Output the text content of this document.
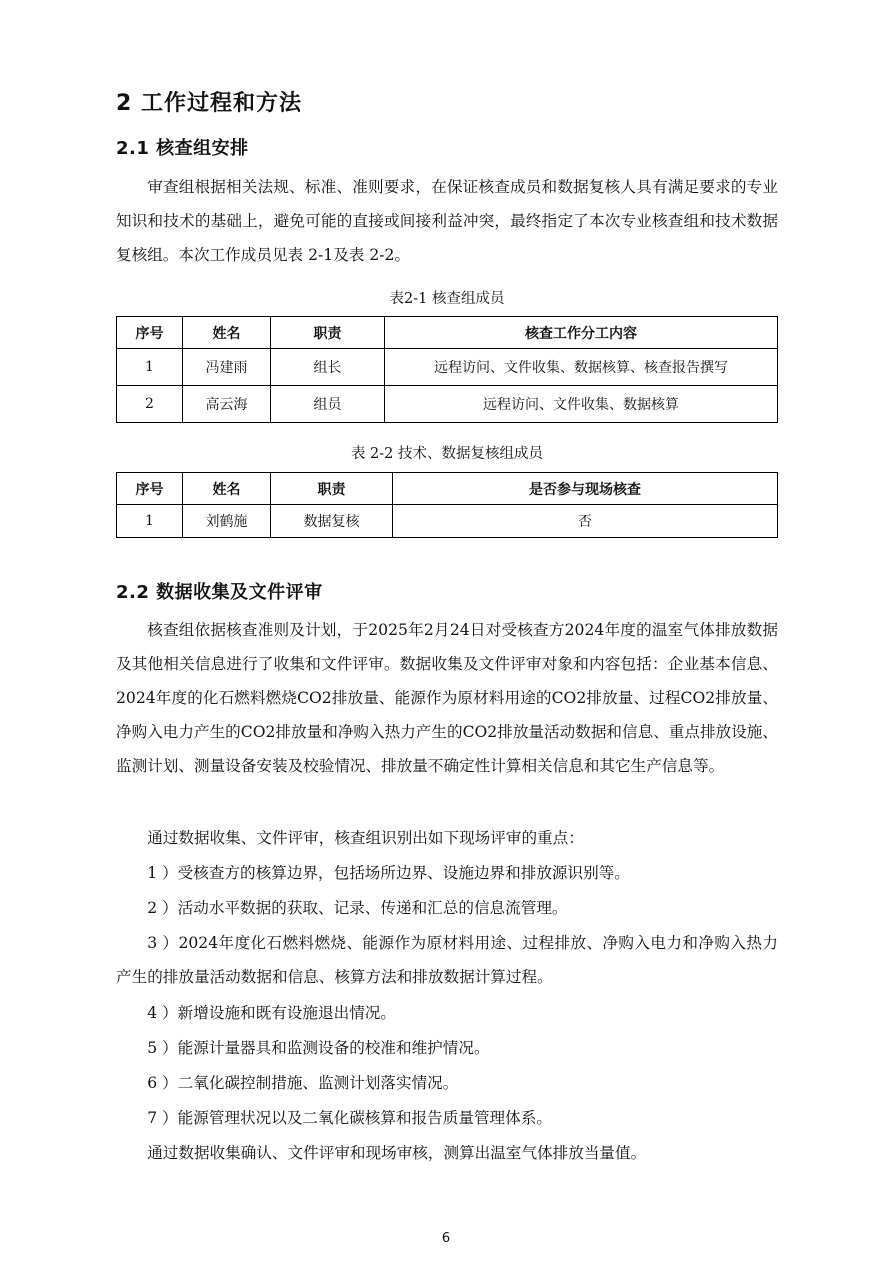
2 工作过程和方法
2.1 核查组安排

审查组根据相关法规、标准、准则要求，在保证核查成员和数据复核人具有满足要求的专业知识和技术的基础上，避免可能的直接或间接利益冲突，最终指定了本次专业核查组和技术数据复核组。本次工作成员见表 2-1及表 2-2。

表2-1 核查组成员
序号	姓名	职责	核查工作分工内容
1	冯建雨	组长	远程访问、文件收集、数据核算、核查报告撰写
2	高云海	组员	远程访问、文件收集、数据核算
表 2-2 技术、数据复核组成员
序号	姓名	职责	是否参与现场核查
1	刘鹤施	数据复核	否
2.2 数据收集及文件评审

核查组依据核查准则及计划，于2025年2月24日对受核查方2024年度的温室气体排放数据及其他相关信息进行了收集和文件评审。数据收集及文件评审对象和内容包括：企业基本信息、2024年度的化石燃料燃烧CO2排放量、能源作为原材料用途的CO2排放量、过程CO2排放量、净购入电力产生的CO2排放量和净购入热力产生的CO2排放量活动数据和信息、重点排放设施、监测计划、测量设备安装及校验情况、排放量不确定性计算相关信息和其它生产信息等。

通过数据收集、文件评审，核查组识别出如下现场评审的重点：

1 ）受核查方的核算边界，包括场所边界、设施边界和排放源识别等。

2 ）活动水平数据的获取、记录、传递和汇总的信息流管理。

3 ）2024年度化石燃料燃烧、能源作为原材料用途、过程排放、净购入电力和净购入热力产生的排放量活动数据和信息、核算方法和排放数据计算过程。

4 ）新增设施和既有设施退出情况。

5 ）能源计量器具和监测设备的校准和维护情况。

6 ）二氧化碳控制措施、监测计划落实情况。

7 ）能源管理状况以及二氧化碳核算和报告质量管理体系。

通过数据收集确认、文件评审和现场审核，测算出温室气体排放当量值。

6
